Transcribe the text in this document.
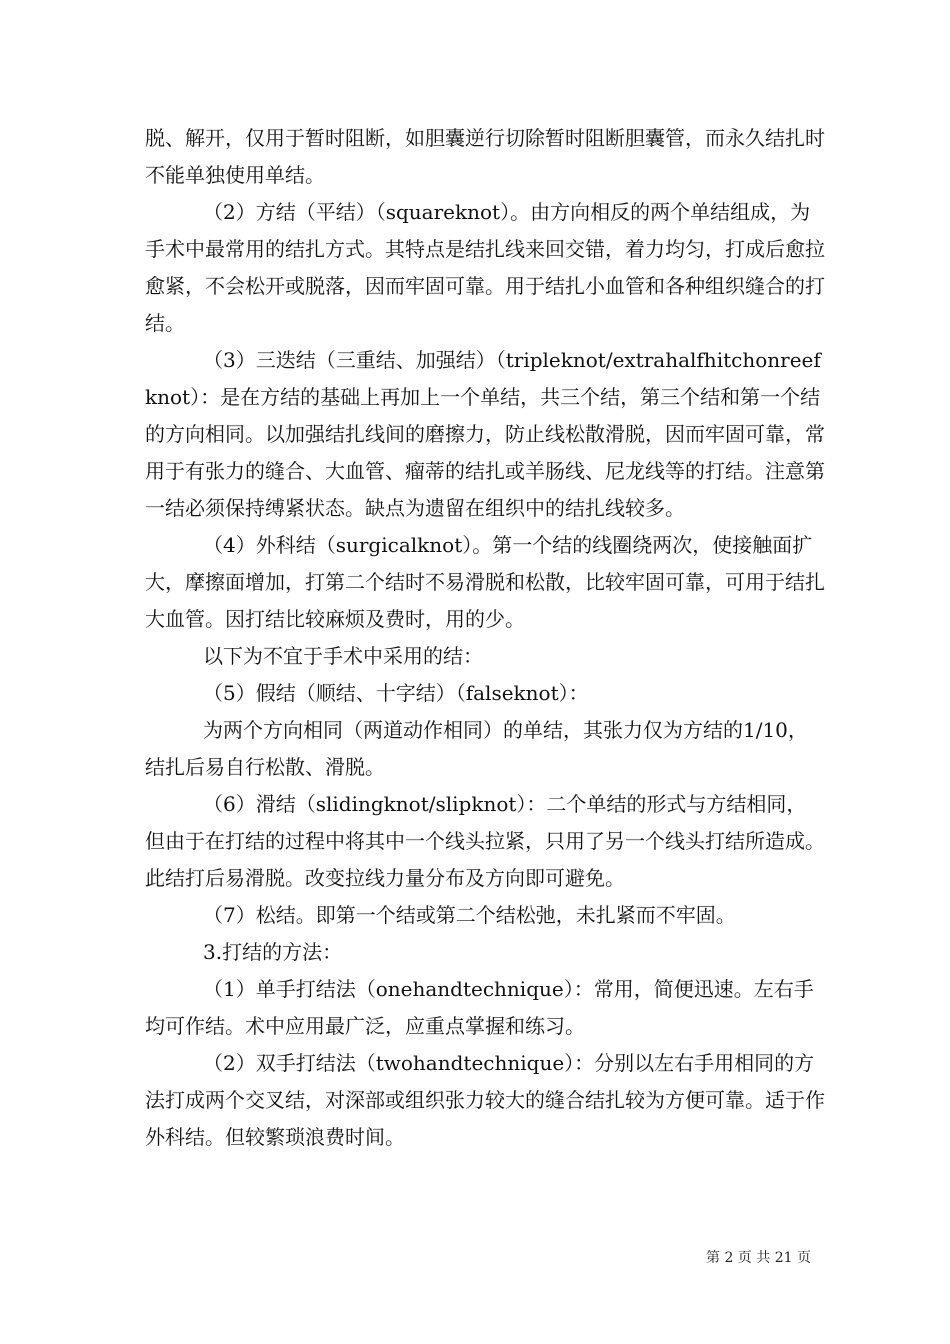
脱、解开，仅用于暂时阻断，如胆囊逆行切除暂时阻断胆囊管，而永久结扎时不能单独使用单结。

（2）方结（平结）（squareknot）。由方向相反的两个单结组成，为手术中最常用的结扎方式。其特点是结扎线来回交错，着力均匀，打成后愈拉愈紧，不会松开或脱落，因而牢固可靠。用于结扎小血管和各种组织缝合的打结。

（3）三迭结（三重结、加强结）（tripleknot/extrahalfhitchonreefknot）：是在方结的基础上再加上一个单结，共三个结，第三个结和第一个结的方向相同。以加强结扎线间的磨擦力，防止线松散滑脱，因而牢固可靠，常用于有张力的缝合、大血管、瘤蒂的结扎或羊肠线、尼龙线等的打结。注意第一结必须保持缚紧状态。缺点为遗留在组织中的结扎线较多。

（4）外科结（surgicalknot）。第一个结的线圈绕两次，使接触面扩大，摩擦面增加，打第二个结时不易滑脱和松散，比较牢固可靠，可用于结扎大血管。因打结比较麻烦及费时，用的少。

以下为不宜于手术中采用的结：

（5）假结（顺结、十字结）（falseknot）：

为两个方向相同（两道动作相同）的单结，其张力仅为方结的1/10，结扎后易自行松散、滑脱。

（6）滑结（slidingknot/slipknot）：二个单结的形式与方结相同，但由于在打结的过程中将其中一个线头拉紧，只用了另一个线头打结所造成。此结打后易滑脱。改变拉线力量分布及方向即可避免。

（7）松结。即第一个结或第二个结松弛，未扎紧而不牢固。

3.打结的方法：

（1）单手打结法（onehandtechnique）：常用，简便迅速。左右手均可作结。术中应用最广泛，应重点掌握和练习。

（2）双手打结法（twohandtechnique）：分别以左右手用相同的方法打成两个交叉结，对深部或组织张力较大的缝合结扎较为方便可靠。适于作外科结。但较繁琐浪费时间。

第 2 页 共 21 页
